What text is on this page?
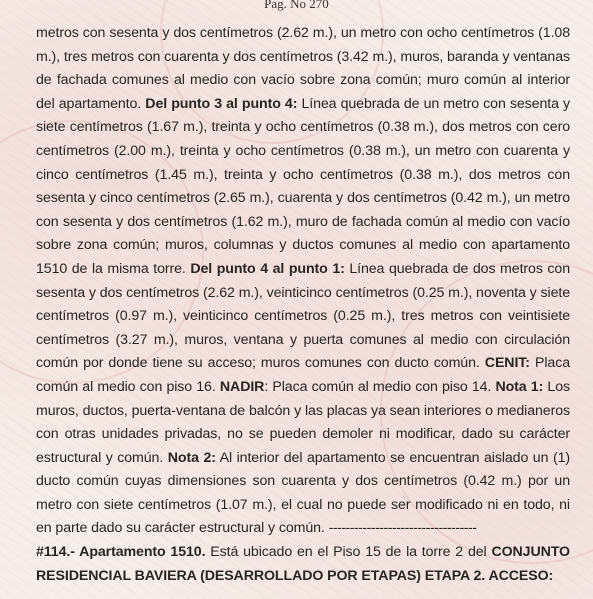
Pag. No 270

metros con sesenta y dos centímetros (2.62 m.), un metro con ocho centímetros (1.08 m.), tres metros con cuarenta y dos centímetros (3.42 m.), muros, baranda y ventanas de fachada comunes al medio con vacío sobre zona común; muro común al interior del apartamento. Del punto 3 al punto 4: Línea quebrada de un metro con sesenta y siete centímetros (1.67 m.), treinta y ocho centímetros (0.38 m.), dos metros con cero centímetros (2.00 m.), treinta y ocho centímetros (0.38 m.), un metro con cuarenta y cinco centímetros (1.45 m.), treinta y ocho centímetros (0.38 m.), dos metros con sesenta y cinco centímetros (2.65 m.), cuarenta y dos centímetros (0.42 m.), un metro con sesenta y dos centímetros (1.62 m.), muro de fachada común al medio con vacío sobre zona común; muros, columnas y ductos comunes al medio con apartamento 1510 de la misma torre. Del punto 4 al punto 1: Línea quebrada de dos metros con sesenta y dos centímetros (2.62 m.), veinticinco centímetros (0.25 m.), noventa y siete centímetros (0.97 m.), veinticinco centímetros (0.25 m.), tres metros con veintisiete centímetros (3.27 m.), muros, ventana y puerta comunes al medio con circulación común por donde tiene su acceso; muros comunes con ducto común. CENIT: Placa común al medio con piso 16. NADIR: Placa común al medio con piso 14. Nota 1: Los muros, ductos, puerta-ventana de balcón y las placas ya sean interiores o medianeros con otras unidades privadas, no se pueden demoler ni modificar, dado su carácter estructural y común. Nota 2: Al interior del apartamento se encuentran aislado un (1) ducto común cuyas dimensiones son cuarenta y dos centímetros (0.42 m.) por un metro con siete centímetros (1.07 m.), el cual no puede ser modificado ni en todo, ni en parte dado su carácter estructural y común. -----------------------------------

#114.- Apartamento 1510. Está ubicado en el Piso 15 de la torre 2 del CONJUNTO RESIDENCIAL BAVIERA (DESARROLLADO POR ETAPAS) ETAPA 2. ACCESO:
